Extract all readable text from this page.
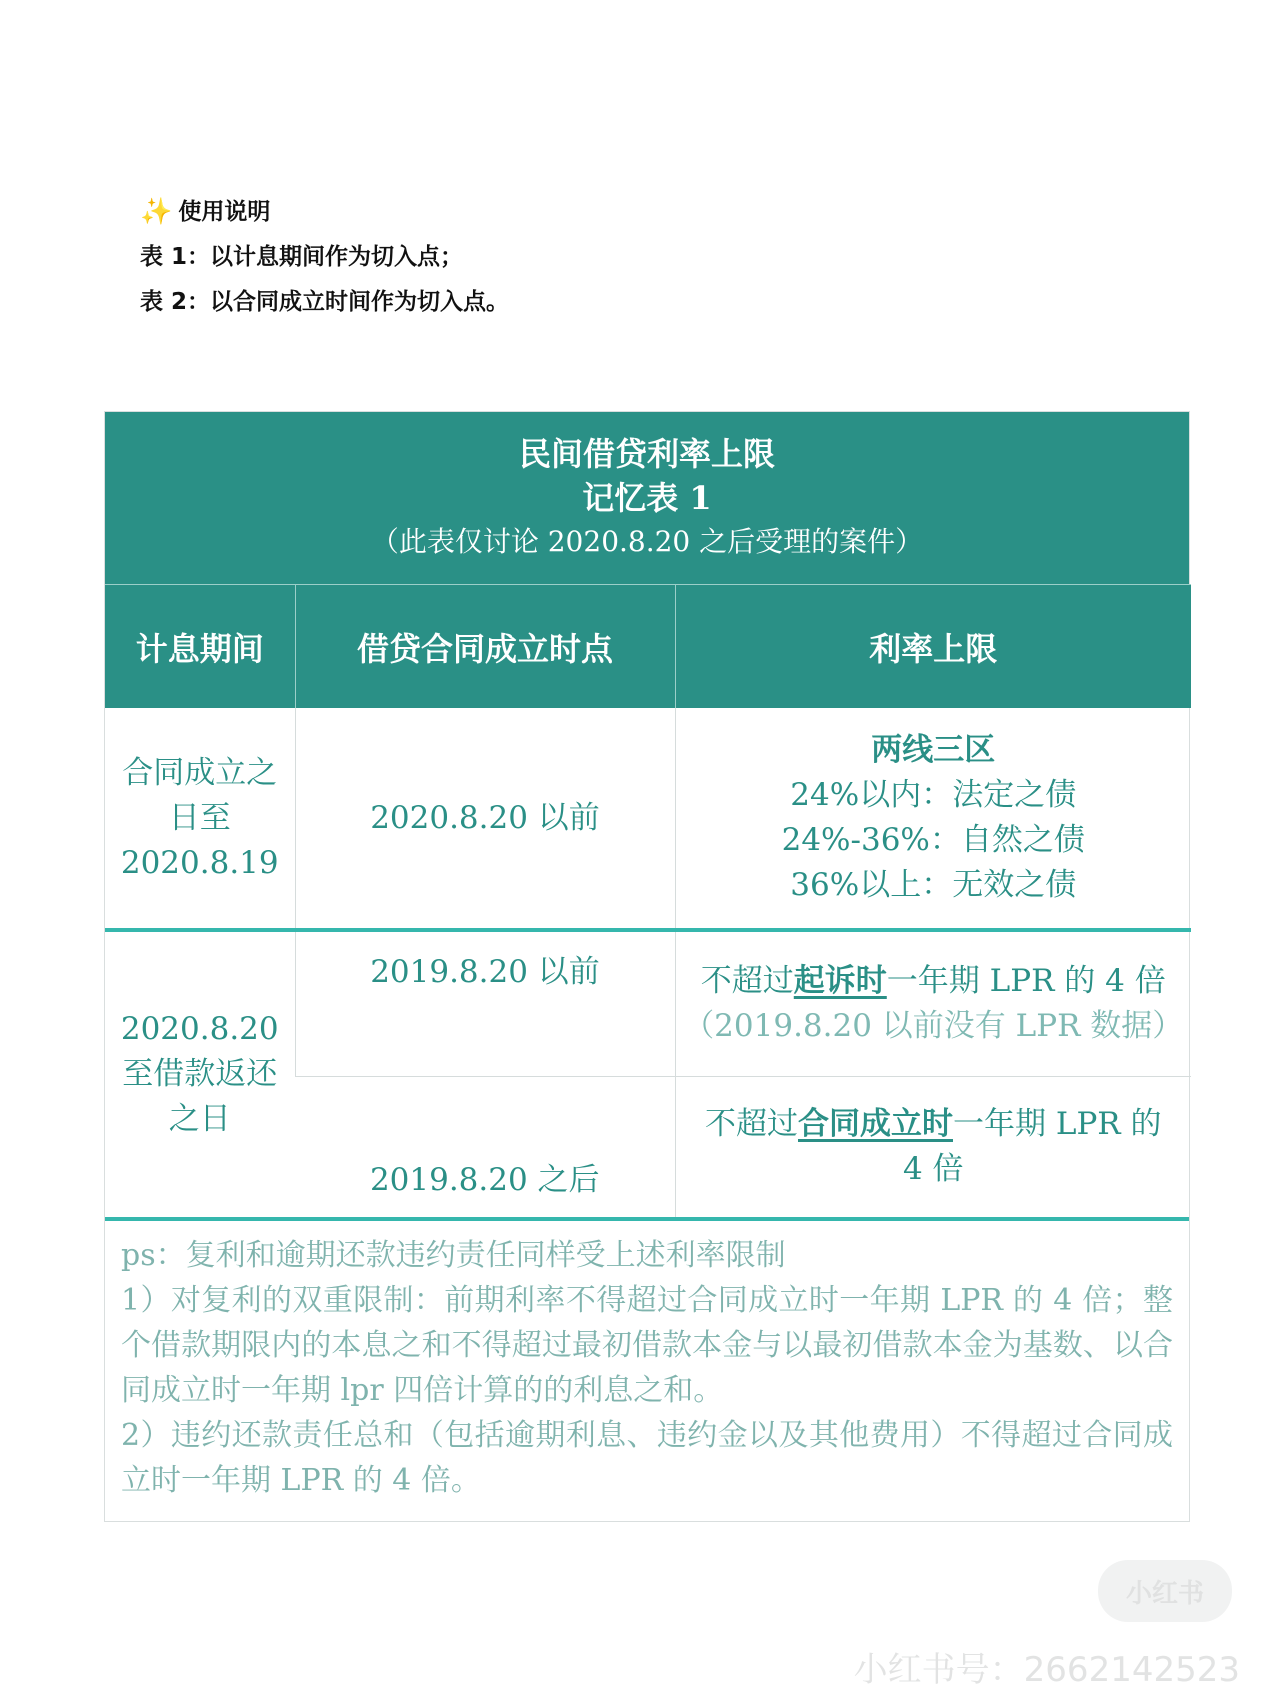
✨ 使用说明
表 1：以计息期间作为切入点；
表 2：以合同成立时间作为切入点。
民间借贷利率上限
记忆表 1
（此表仅讨论 2020.8.20 之后受理的案件）
计息期间	借贷合同成立时点	利率上限
合同成立之日至 2020.8.19	2020.8.20 以前	两线三区
24%以内：法定之债
24%-36%：自然之债
36%以上：无效之债

2020.8.20 至借款返还之日	2019.8.20 以前	不超过起诉时一年期 LPR 的 4 倍
（2019.8.20 以前没有 LPR 数据）

	2019.8.20 之后	不超过合同成立时一年期 LPR 的 4 倍

ps：复利和逾期还款违约责任同样受上述利率限制

1）对复利的双重限制：前期利率不得超过合同成立时一年期 LPR 的 4 倍；整个借款期限内的本息之和不得超过最初借款本金与以最初借款本金为基数、以合同成立时一年期 lpr 四倍计算的的利息之和。

2）违约还款责任总和（包括逾期利息、违约金以及其他费用）不得超过合同成立时一年期 LPR 的 4 倍。

小红书
小红书号：2662142523
